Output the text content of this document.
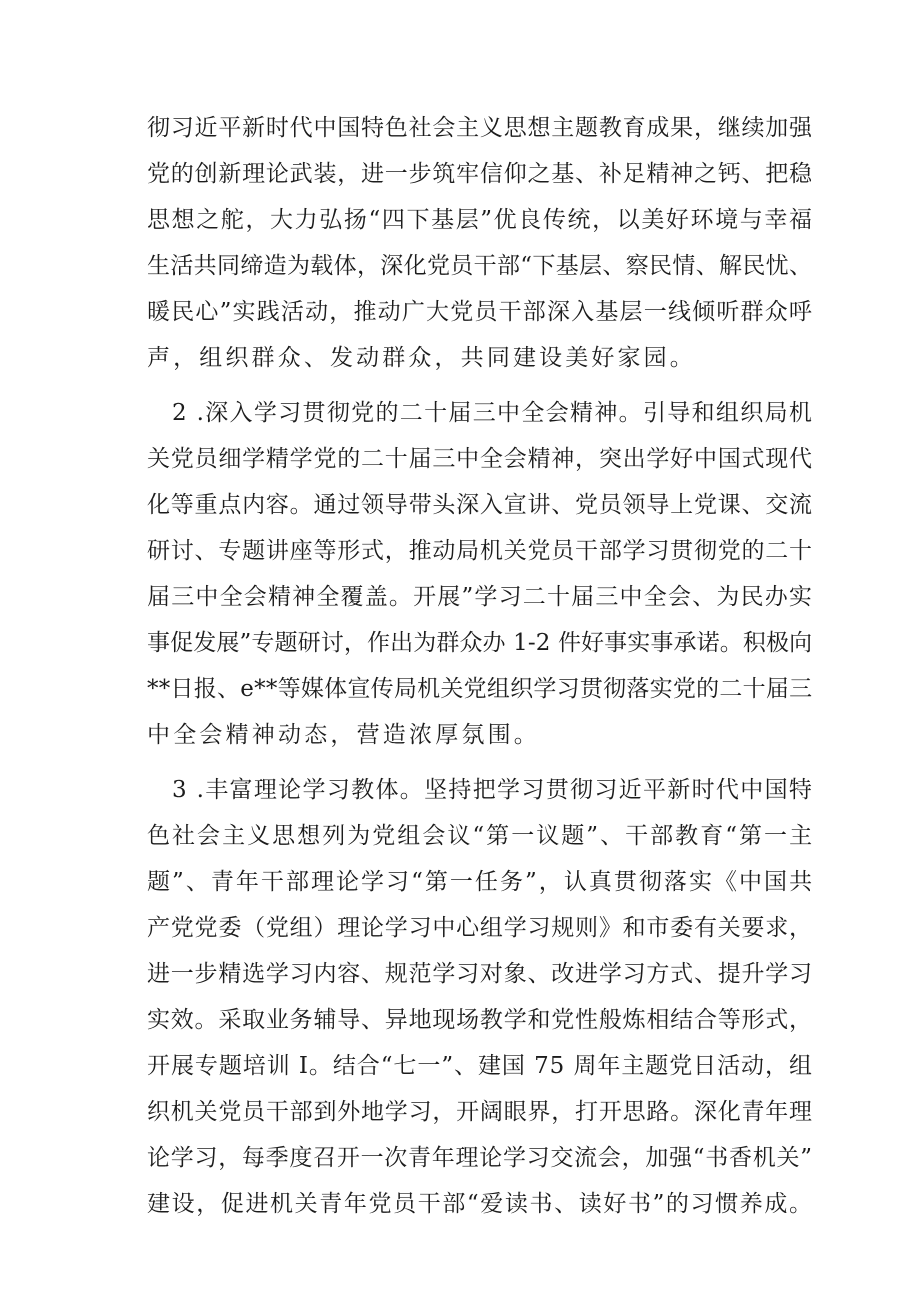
彻习近平新时代中国特色社会主义思想主题教育成果，继续加强

党的创新理论武装，进一步筑牢信仰之基、补足精神之钙、把稳

思想之舵，大力弘扬“四下基层”优良传统，以美好环境与幸福

生活共同缔造为载体，深化党员干部“下基层、察民情、解民忧、

暖民心”实践活动，推动广大党员干部深入基层一线倾听群众呼

声，组织群众、发动群众，共同建设美好家园。

2 .深入学习贯彻党的二十届三中全会精神。引导和组织局机

关党员细学精学党的二十届三中全会精神，突出学好中国式现代

化等重点内容。通过领导带头深入宣讲、党员领导上党课、交流

研讨、专题讲座等形式，推动局机关党员干部学习贯彻党的二十

届三中全会精神全覆盖。开展”学习二十届三中全会、为民办实

事促发展”专题研讨，作出为群众办 1-2 件好事实事承诺。积极向

**日报、e**等媒体宣传局机关党组织学习贯彻落实党的二十届三

中全会精神动态，营造浓厚氛围。

3 .丰富理论学习教体。坚持把学习贯彻习近平新时代中国特

色社会主义思想列为党组会议“第一议题”、干部教育“第一主

题”、青年干部理论学习“第一任务”，认真贯彻落实《中国共

产党党委（党组）理论学习中心组学习规则》和市委有关要求，

进一步精选学习内容、规范学习对象、改进学习方式、提升学习

实效。采取业务辅导、异地现场教学和党性般炼相结合等形式，

开展专题培训 I。结合“七一”、建国 75 周年主题党日活动，组

织机关党员干部到外地学习，开阔眼界，打开思路。深化青年理

论学习，每季度召开一次青年理论学习交流会，加强“书香机关”

建设，促进机关青年党员干部“爱读书、读好书”的习惯养成。
